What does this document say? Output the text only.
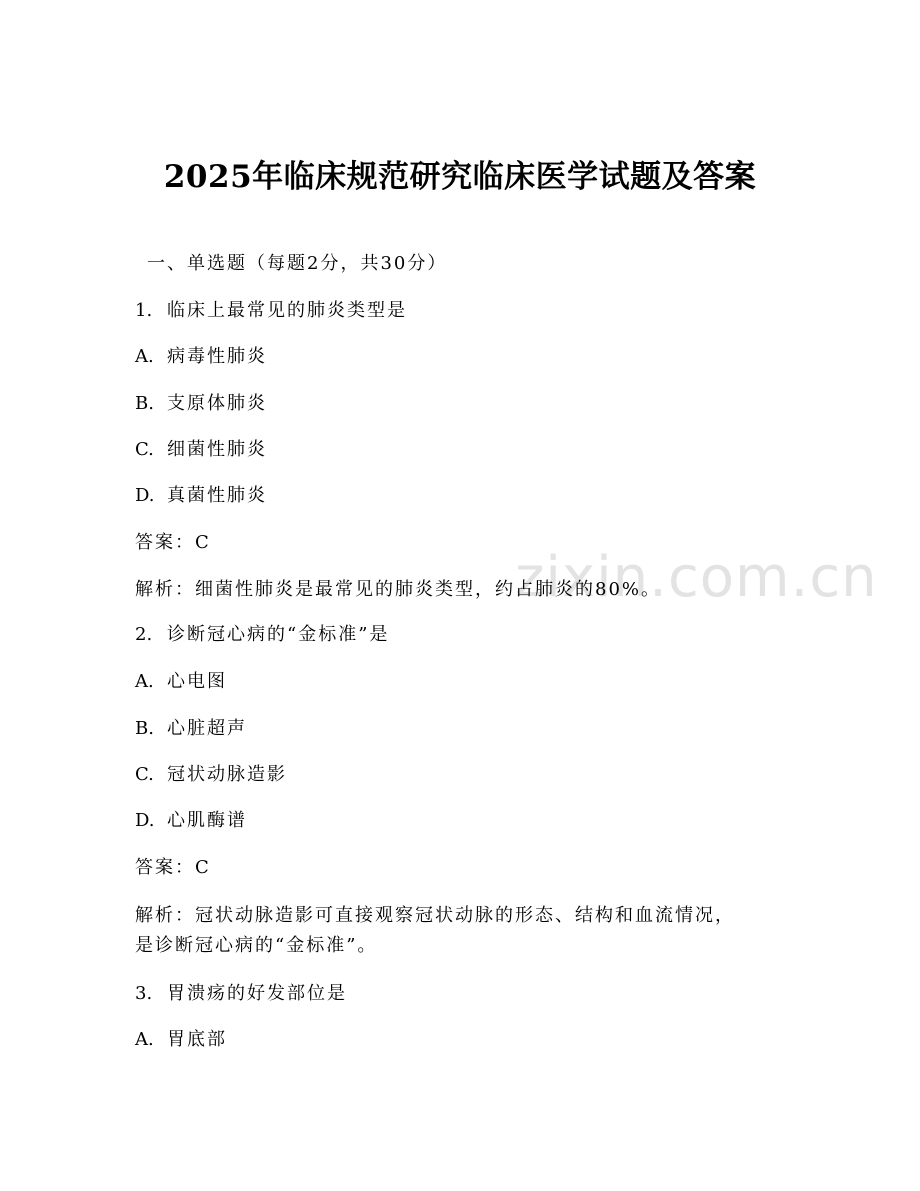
zixin.com.cn
2025年临床规范研究临床医学试题及答案
一、单选题（每题2分，共30分）
1. 临床上最常见的肺炎类型是
A. 病毒性肺炎
B. 支原体肺炎
C. 细菌性肺炎
D. 真菌性肺炎
答案：C
解析：细菌性肺炎是最常见的肺炎类型，约占肺炎的80%。
2. 诊断冠心病的“金标准”是
A. 心电图
B. 心脏超声
C. 冠状动脉造影
D. 心肌酶谱
答案：C
解析：冠状动脉造影可直接观察冠状动脉的形态、结构和血流情况，
是诊断冠心病的“金标准”。
3. 胃溃疡的好发部位是
A. 胃底部
